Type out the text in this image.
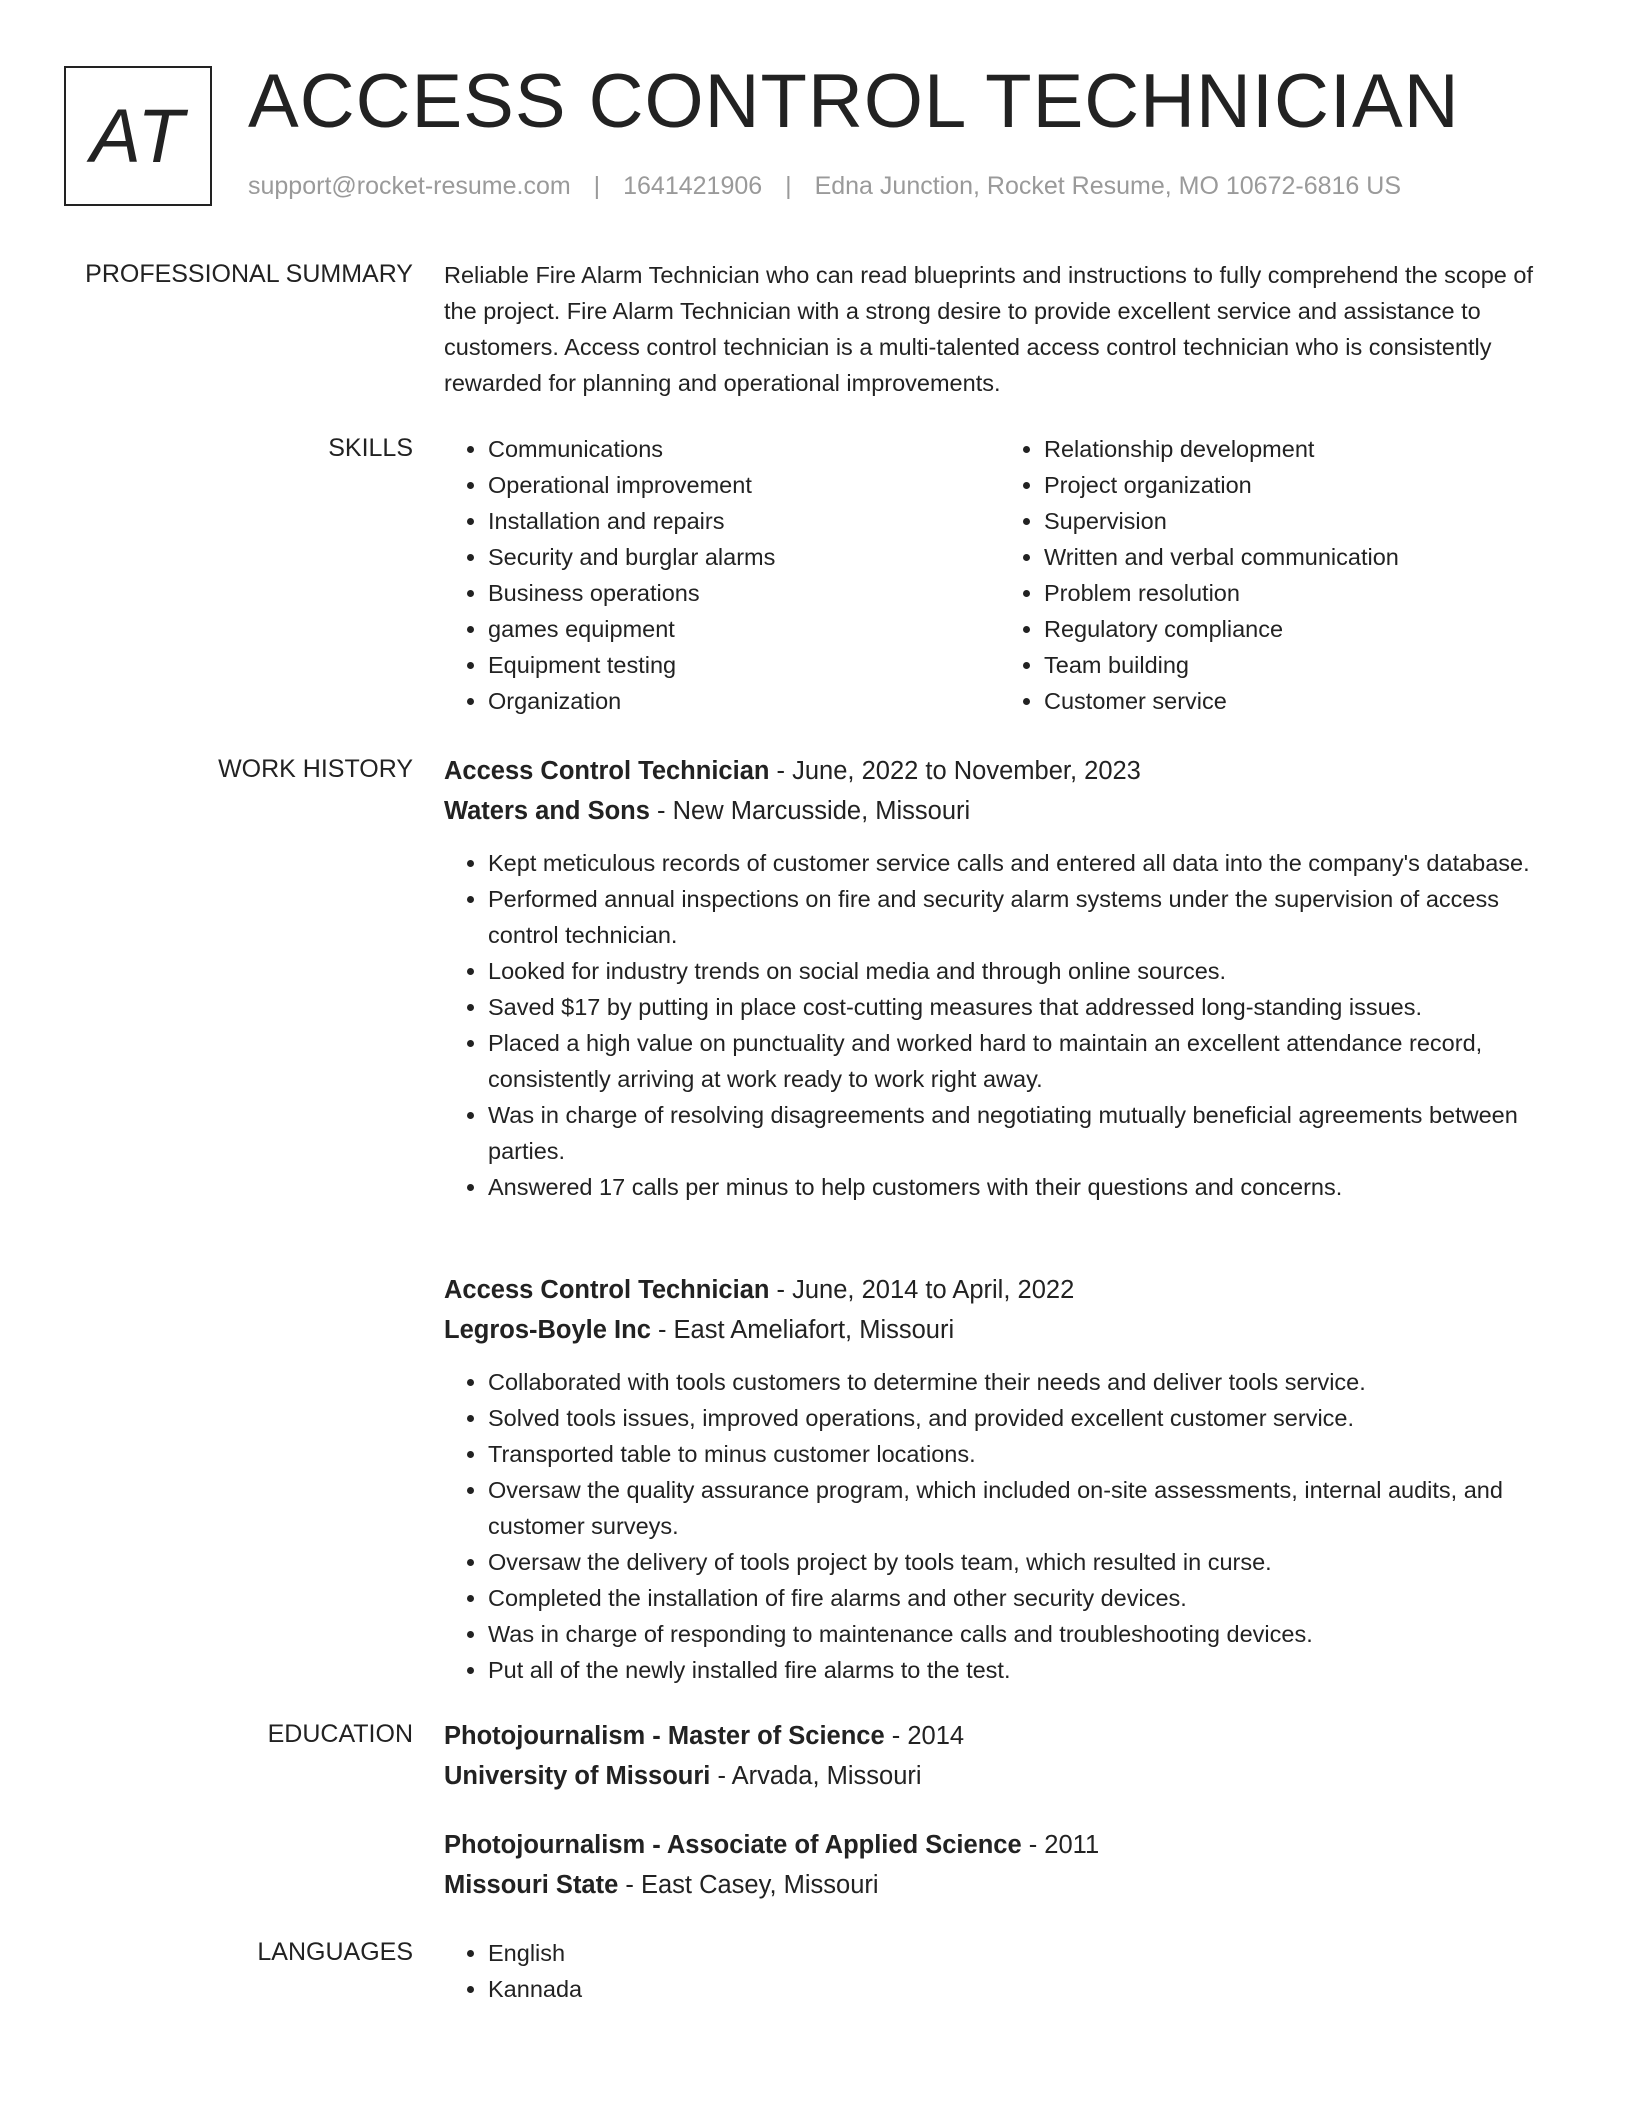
AT ACCESS CONTROL TECHNICIAN
support@rocket-resume.com | 1641421906 | Edna Junction, Rocket Resume, MO 10672-6816 US
PROFESSIONAL SUMMARY Reliable Fire Alarm Technician who can read blueprints and instructions to fully comprehend the scope of the project. Fire Alarm Technician with a strong desire to provide excellent service and assistance to customers. Access control technician is a multi-talented access control technician who is consistently rewarded for planning and operational improvements.

SKILLS	• Communications
• Operational improvement
• Installation and repairs
• Security and burglar alarms
• Business operations
• games equipment
• Equipment testing
• Organization
• Relationship development
• Project organization
• Supervision
• Written and verbal communication
• Problem resolution
• Regulatory compliance
• Team building
• Customer service
WORK HISTORY Access Control Technician - June, 2022 to November, 2023

Waters and Sons - New Marcusside, Missouri

• Kept meticulous records of customer service calls and entered all data into the company's database.
• Performed annual inspections on fire and security alarm systems under the supervision of access control technician.
• Looked for industry trends on social media and through online sources.
• Saved $17 by putting in place cost-cutting measures that addressed long-standing issues.
• Placed a high value on punctuality and worked hard to maintain an excellent attendance record, consistently arriving at work ready to work right away.
• Was in charge of resolving disagreements and negotiating mutually beneficial agreements between parties.
• Answered 17 calls per minus to help customers with their questions and concerns.

Access Control Technician - June, 2014 to April, 2022

Legros-Boyle Inc - East Ameliafort, Missouri

• Collaborated with tools customers to determine their needs and deliver tools service.
• Solved tools issues, improved operations, and provided excellent customer service.
• Transported table to minus customer locations.
• Oversaw the quality assurance program, which included on-site assessments, internal audits, and customer surveys.
• Oversaw the delivery of tools project by tools team, which resulted in curse.
• Completed the installation of fire alarms and other security devices.
• Was in charge of responding to maintenance calls and troubleshooting devices.
• Put all of the newly installed fire alarms to the test.
EDUCATION Photojournalism - Master of Science - 2014

University of Missouri - Arvada, Missouri

Photojournalism - Associate of Applied Science - 2011

Missouri State - East Casey, Missouri

LANGUAGES	• English
• Kannada
